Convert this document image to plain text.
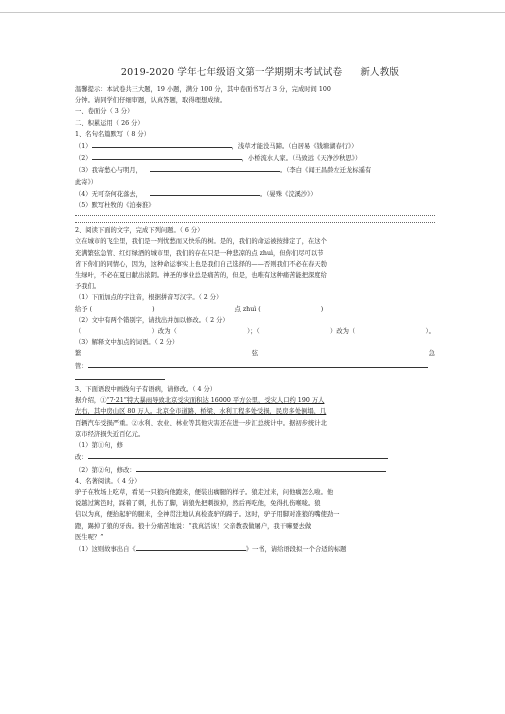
2019-2020 学年七年级语文第一学期期末考试试卷 新人教版
温馨提示：本试卷共三大题，19 小题，满分 100 分，其中卷面书写占 3 分，完成时间 100
分钟。请同学们仔细审题，认真答题，取得理想成绩。
一、卷面分（ 3 分）
二、积累运用（ 26 分）
1、名句名篇默写（ 8 分）
（1）	，浅草才能没马蹄。（白居易《钱塘湖春行》）
（2）	，小桥流水人家。（马致远《天净沙秋思》）
（3）我寄愁心与明月，	。（李白《闻王昌龄左迁龙标遥有
此寄》）
（4）无可奈何花落去，	。（晏殊《浣溪沙》）
（5）默写杜牧的《泊秦淮》
2、阅读下面的文字，完成下列问题。（ 6 分）
立在城市的飞尘里，我们是一列忧愁而又快乐的树。是的，我们的命运被按排定了，在这个
充满繁弦急管、红灯绿酒的城市里，我们的存在只是一种悲凉的点 zhuì，但你们尽可以节
省下你们的同情心，因为，这种命运事实上也是我们自己选择的——否则我们不必在春天勃
生绿叶，不必在夏日献出浓阴。神圣的事业总是痛苦的，但是，也唯有这种痛苦能把深度给
予我们。
（1）下面加点的字注音，根据拼音写汉字。（ 2 分）
给予 (	)	点 zhuì (	)
（2）文中有两个错别字，请找出并加以修改。（ 2 分）
（	）改为（	）；（	）改为（	）。
（3）解释文中加点的词语。（ 2 分）
繁	弦	急
管：
3、下面语段中画线句子有语病，请修改。（ 4 分）
据介绍，①“7·21”特大暴雨导致北京受灾面积达 16000 平方公里，受灾人口约 190 万人
左右，其中房山区 80 万人。北京全市道路、桥梁、水利工程多处受损，民房多处倒塌，几
百辆汽车受损严重。②水利、农业、林业等其他灾害还在进一步汇总统计中。据初步统计北
京市经济损失近百亿元。
（1）第①句，修
改：
（2）第②句，修改：
4、名著阅读。（ 4 分）
驴子在牧场上吃草，看见一只狼向他跑来，便装出瘸腿的样子。狼走过来，问他瘸怎么啦。他
说越过篱笆时，踩着了刺，扎伤了脚，请狼先把刺拔掉，然后再吃他，免得扎伤喉咙。狼
信以为真，便抬起驴的腿来，全神贯注地认真检查驴的蹄子。这时，驴子用脚对准狼的嘴使劲一
蹬，踢掉了狼的牙齿。狼十分痛苦地说：“我真活该！父亲教我做屠户，我干嘛要去做
医生呢？”
（1）这则故事出自《	》一书，请给语段拟一个合适的标题
